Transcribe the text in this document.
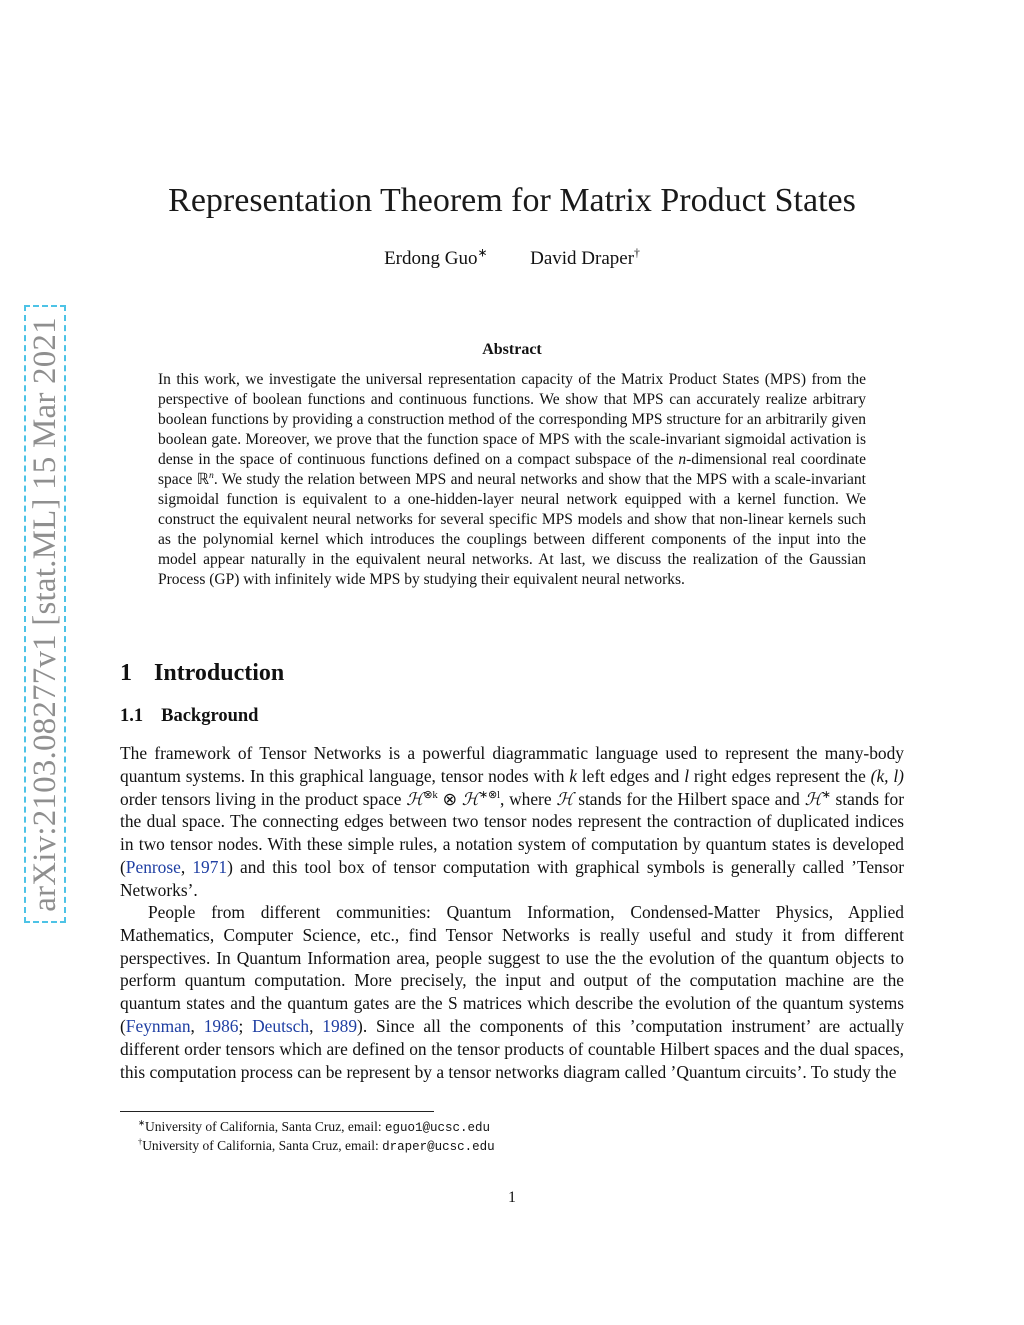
arXiv:2103.08277v1 [stat.ML] 15 Mar 2021
Representation Theorem for Matrix Product States
Erdong Guo∗ David Draper†
Abstract

In this work, we investigate the universal representation capacity of the Matrix Product States (MPS) from the perspective of boolean functions and continuous functions. We show that MPS can accurately realize arbitrary boolean functions by providing a construction method of the corresponding MPS structure for an arbitrarily given boolean gate. Moreover, we prove that the function space of MPS with the scale-invariant sigmoidal activation is dense in the space of continuous functions defined on a compact subspace of the n-dimensional real coordinate space ℝ$^n$. We study the relation between MPS and neural networks and show that the MPS with a scale-invariant sigmoidal function is equivalent to a one-hidden-layer neural network equipped with a kernel function. We construct the equivalent neural networks for several specific MPS models and show that non-linear kernels such as the polynomial kernel which introduces the couplings between different components of the input into the model appear naturally in the equivalent neural networks. At last, we discuss the realization of the Gaussian Process (GP) with infinitely wide MPS by studying their equivalent neural networks.

1 Introduction
1.1 Background

The framework of Tensor Networks is a powerful diagrammatic language used to represent the many-body quantum systems. In this graphical language, tensor nodes with k left edges and l right edges represent the (k, l) order tensors living in the product space ℋ$^{\otimes k}$ ⊗ ℋ$^{∗\otimes l}$, where ℋ stands for the Hilbert space and ℋ∗ stands for the dual space. The connecting edges between two tensor nodes represent the contraction of duplicated indices in two tensor nodes. With these simple rules, a notation system of computation by quantum states is developed (Penrose, 1971) and this tool box of tensor computation with graphical symbols is generally called ’Tensor Networks’.

People from different communities: Quantum Information, Condensed-Matter Physics, Applied Mathematics, Computer Science, etc., find Tensor Networks is really useful and study it from different perspectives. In Quantum Information area, people suggest to use the the evolution of the quantum objects to perform quantum computation. More precisely, the input and output of the computation machine are the quantum states and the quantum gates are the S matrices which describe the evolution of the quantum systems (Feynman, 1986; Deutsch, 1989). Since all the components of this ’computation instrument’ are actually different order tensors which are defined on the tensor products of countable Hilbert spaces and the dual spaces, this computation process can be represent by a tensor networks diagram called ’Quantum circuits’. To study the

∗University of California, Santa Cruz, email: eguo1@ucsc.edu
†University of California, Santa Cruz, email: draper@ucsc.edu
1
